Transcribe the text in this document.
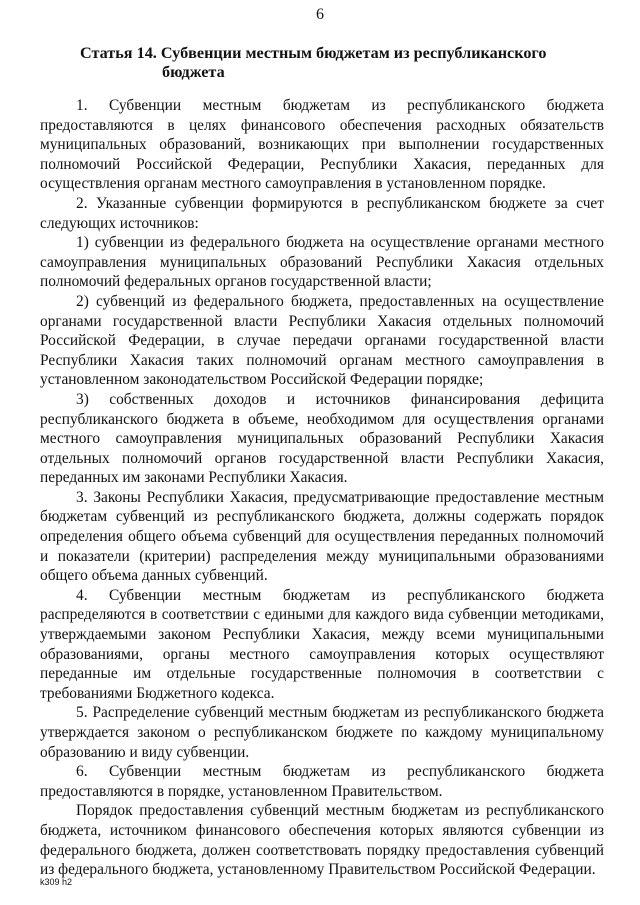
6
Статья 14. Субвенции местным бюджетам из республиканского
бюджета

1. Субвенции местным бюджетам из республиканского бюджета предоставляются в целях финансового обеспечения расходных обязательств муниципальных образований, возникающих при выполнении государственных полномочий Российской Федерации, Республики Хакасия, переданных для осуществления органам местного самоуправления в установленном порядке.

2. Указанные субвенции формируются в республиканском бюджете за счет следующих источников:

1) субвенции из федерального бюджета на осуществление органами местного самоуправления муниципальных образований Республики Хакасия отдельных полномочий федеральных органов государственной власти;

2) субвенций из федерального бюджета, предоставленных на осуществление органами государственной власти Республики Хакасия отдельных полномочий Российской Федерации, в случае передачи органами государственной власти Республики Хакасия таких полномочий органам местного самоуправления в установленном законодательством Российской Федерации порядке;

3) собственных доходов и источников финансирования дефицита республиканского бюджета в объеме, необходимом для осуществления органами местного самоуправления муниципальных образований Республики Хакасия отдельных полномочий органов государственной власти Республики Хакасия, переданных им законами Республики Хакасия.

3. Законы Республики Хакасия, предусматривающие предоставление местным бюджетам субвенций из республиканского бюджета, должны содержать порядок определения общего объема субвенций для осуществления переданных полномочий и показатели (критерии) распределения между муниципальными образованиями общего объема данных субвенций.

4. Субвенции местным бюджетам из республиканского бюджета распределяются в соответствии с едиными для каждого вида субвенции методиками, утверждаемыми законом Республики Хакасия, между всеми муниципальными образованиями, органы местного самоуправления которых осуществляют переданные им отдельные государственные полномочия в соответствии с требованиями Бюджетного кодекса.

5. Распределение субвенций местным бюджетам из республиканского бюджета утверждается законом о республиканском бюджете по каждому муниципальному образованию и виду субвенции.

6. Субвенции местным бюджетам из республиканского бюджета предоставляются в порядке, установленном Правительством.

Порядок предоставления субвенций местным бюджетам из республиканского бюджета, источником финансового обеспечения которых являются субвенции из федерального бюджета, должен соответствовать порядку предоставления субвенций из федерального бюджета, установленному Правительством Российской Федерации.

k309 h2
